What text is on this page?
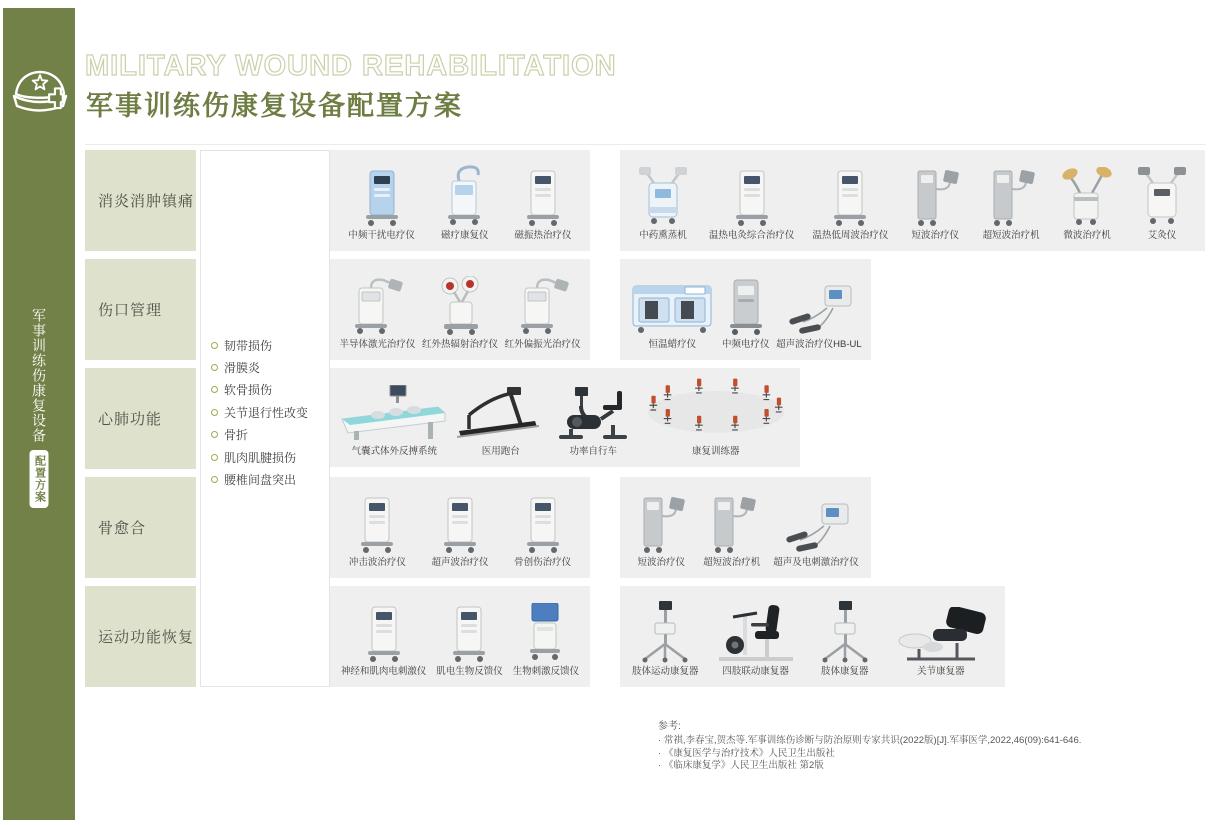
军事训练伤康复设备
配置方案
MILITARY WOUND REHABILITATION
军事训练伤康复设备配置方案
消炎消肿镇痛
伤口管理
心肺功能
骨愈合
运动功能恢复
韧带损伤
滑膜炎
软骨损伤
关节退行性改变
骨折
肌肉肌腱损伤
腰椎间盘突出
中频干扰电疗仪	磁疗康复仪	磁振热治疗仪	中药熏蒸机 温热电灸综合治疗仪 温热低周波治疗仪 短波治疗仪 超短波治疗机 微波治疗机	艾灸仪
半导体激光治疗仪 红外热辐射治疗仪 红外偏振光治疗仪	恒温蜡疗仪	中频电疗仪 超声波治疗仪HB-UL
气囊式体外反搏系统	医用跑台	功率自行车	康复训练器
冲击波治疗仪	超声波治疗仪	骨创伤治疗仪	短波治疗仪 超短波治疗机 超声及电刺激治疗仪
神经和肌肉电刺激仪 肌电生物反馈仪 生物刺激反馈仪	肢体运动康复器	四肢联动康复器	肢体康复器	关节康复器
参考:
· 常祺,李春宝,贺杰等.军事训练伤诊断与防治原则专家共识(2022版)[J].军事医学,2022,46(09):641-646.
· 《康复医学与治疗技术》人民卫生出版社
· 《临床康复学》人民卫生出版社 第2版
